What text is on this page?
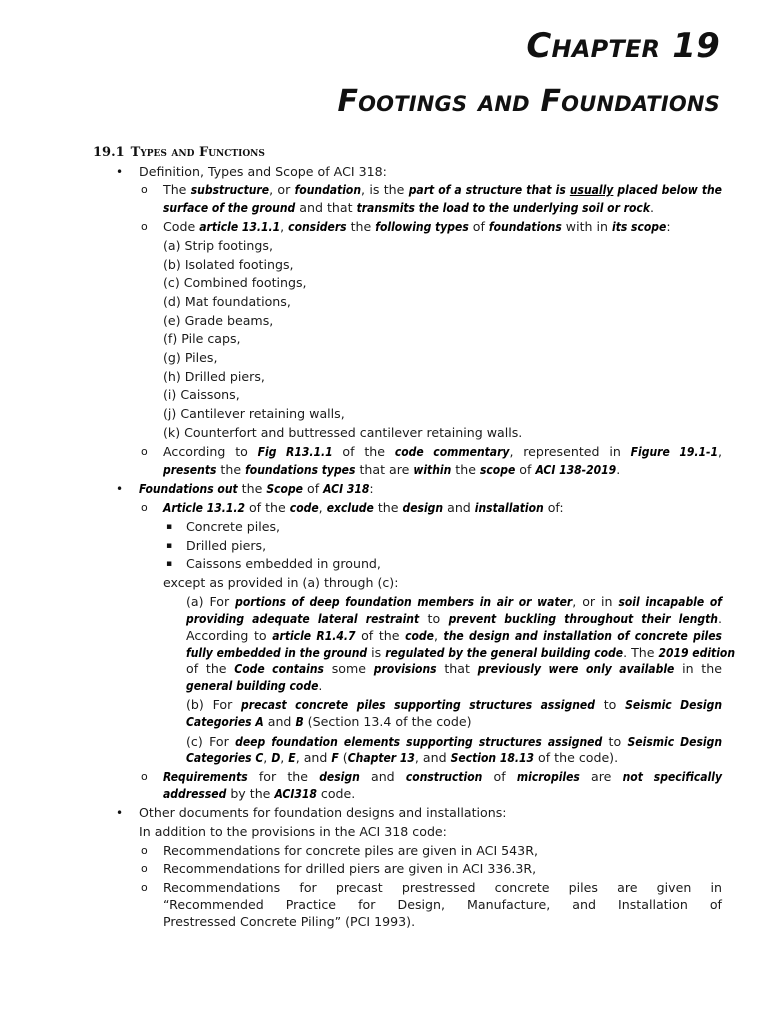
Chapter 19
Footings and Foundations
19.1 Types and Functions
• Definition, Types and Scope of ACI 318:
o The substructure, or foundation, is the part of a structure that is usually placed below the
surface of the ground and that transmits the load to the underlying soil or rock.
o Code article 13.1.1, considers the following types of foundations with in its scope:
(a) Strip footings,
(b) Isolated footings,
(c) Combined footings,
(d) Mat foundations,
(e) Grade beams,
(f) Pile caps,
(g) Piles,
(h) Drilled piers,
(i) Caissons,
(j) Cantilever retaining walls,
(k) Counterfort and buttressed cantilever retaining walls.
o According to Fig R13.1.1 of the code commentary, represented in Figure 19.1-1,
presents the foundations types that are within the scope of ACI 138-2019.
• Foundations out the Scope of ACI 318:
o Article 13.1.2 of the code, exclude the design and installation of:
▪ Concrete piles,
▪ Drilled piers,
▪ Caissons embedded in ground,
except as provided in (a) through (c):
(a) For portions of deep foundation members in air or water, or in soil incapable of
providing adequate lateral restraint to prevent buckling throughout their length.
According to article R1.4.7 of the code, the design and installation of concrete piles
fully embedded in the ground is regulated by the general building code. The 2019 edition
of the Code contains some provisions that previously were only available in the
general building code.
(b) For precast concrete piles supporting structures assigned to Seismic Design
Categories A and B (Section 13.4 of the code)
(c) For deep foundation elements supporting structures assigned to Seismic Design
Categories C, D, E, and F (Chapter 13, and Section 18.13 of the code).
o Requirements for the design and construction of micropiles are not specifically
addressed by the ACI318 code.
• Other documents for foundation designs and installations:
In addition to the provisions in the ACI 318 code:
o Recommendations for concrete piles are given in ACI 543R,
o Recommendations for drilled piers are given in ACI 336.3R,
o Recommendations for precast prestressed concrete piles are given in
“Recommended Practice for Design, Manufacture, and Installation of
Prestressed Concrete Piling” (PCI 1993).
